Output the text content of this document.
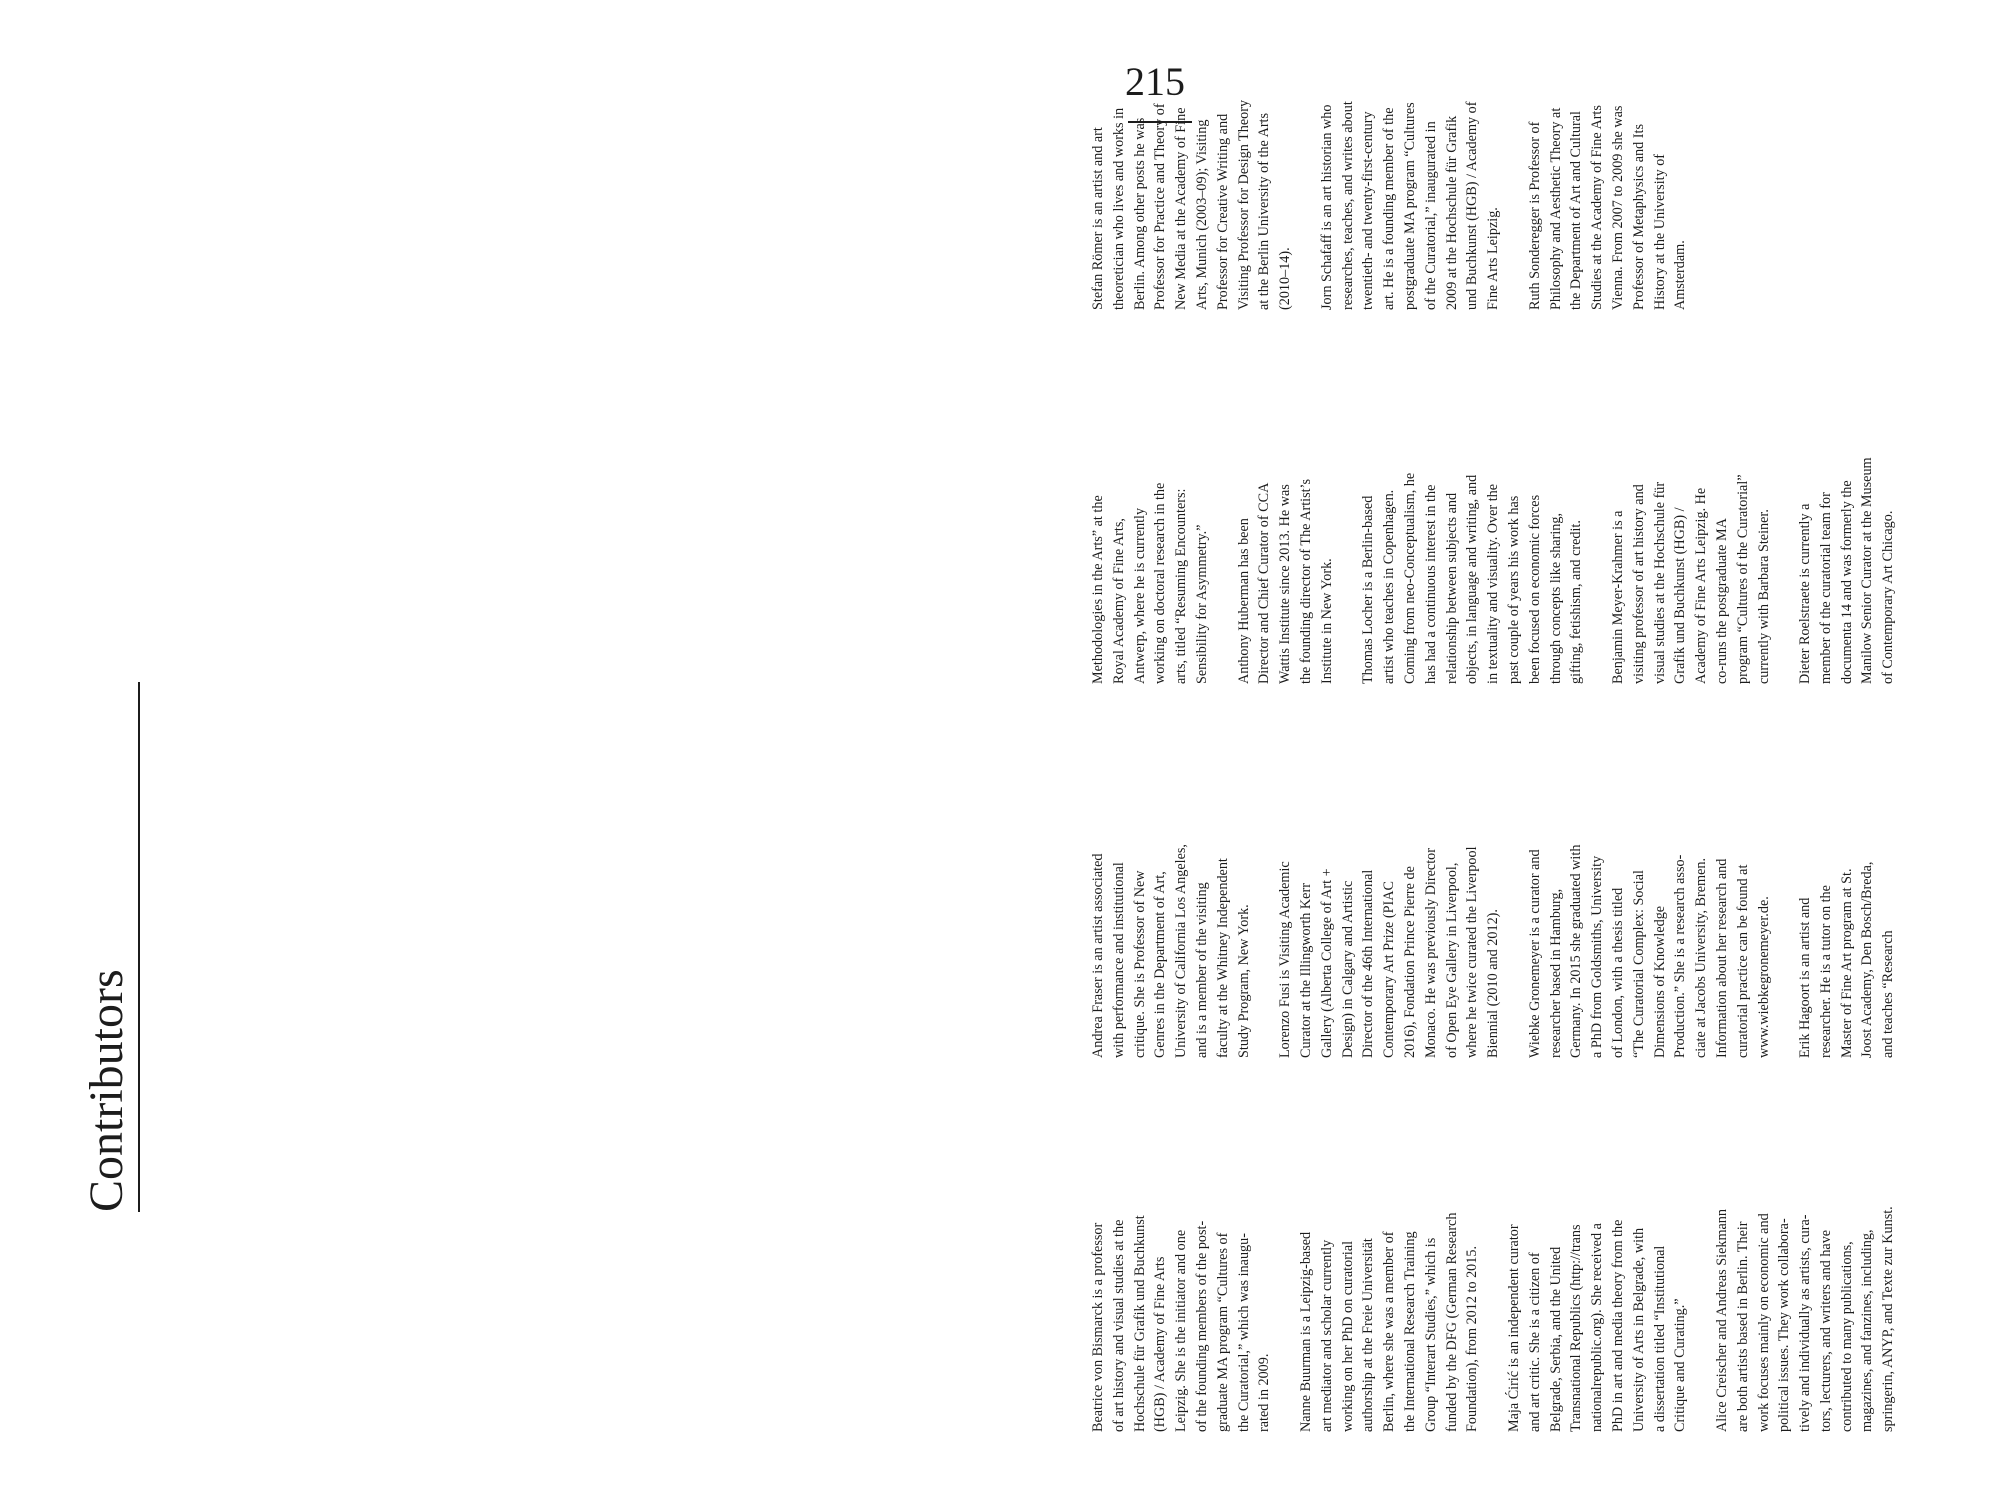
215
Contributors

Beatrice von Bismarck is a professor
of art history and visual studies at the
Hochschule für Grafik und Buchkunst
(HGB) / Academy of Fine Arts
Leipzig. She is the initiator and one
of the founding members of the post-
graduate MA program “Cultures of
the Curatorial,” which was inaugu-
rated in 2009.

Nanne Buurman is a Leipzig-based
art mediator and scholar currently
working on her PhD on curatorial
authorship at the Freie Universität
Berlin, where she was a member of
the International Research Training
Group “Interart Studies,” which is
funded by the DFG (German Research
Foundation), from 2012 to 2015.

Maja Ćirić is an independent curator
and art critic. She is a citizen of
Belgrade, Serbia, and the United
Transnational Republics (http://trans
nationalrepublic.org). She received a
PhD in art and media theory from the
University of Arts in Belgrade, with
a dissertation titled “Institutional
Critique and Curating.”

Alice Creischer and Andreas Siekmann
are both artists based in Berlin. Their
work focuses mainly on economic and
political issues. They work collabora-
tively and individually as artists, cura-
tors, lecturers, and writers and have
contributed to many publications,
magazines, and fanzines, including,
springerin, ANYP, and Texte zur Kunst.

Andrea Fraser is an artist associated
with performance and institutional
critique. She is Professor of New
Genres in the Department of Art,
University of California Los Angeles,
and is a member of the visiting
faculty at the Whitney Independent
Study Program, New York.

Lorenzo Fusi is Visiting Academic
Curator at the Illingworth Kerr
Gallery (Alberta College of Art +
Design) in Calgary and Artistic
Director of the 46th International
Contemporary Art Prize (PIAC
2016), Fondation Prince Pierre de
Monaco. He was previously Director
of Open Eye Gallery in Liverpool,
where he twice curated the Liverpool
Biennial (2010 and 2012).

Wiebke Gronemeyer is a curator and
researcher based in Hamburg,
Germany. In 2015 she graduated with
a PhD from Goldsmiths, University
of London, with a thesis titled
“The Curatorial Complex: Social
Dimensions of Knowledge
Production.” She is a research asso-
ciate at Jacobs University, Bremen.
Information about her research and
curatorial practice can be found at
www.wiebkegronemeyer.de. Erik Hagoort is an artist and
researcher. He is a tutor on the
Master of Fine Art program at St.
Joost Academy, Den Bosch/Breda,
and teaches “Research

Methodologies in the Arts” at the
Royal Academy of Fine Arts,
Antwerp, where he is currently
working on doctoral research in the
arts, titled “Resuming Encounters:
Sensibility for Asymmetry.”

Anthony Huberman has been
Director and Chief Curator of CCA
Wattis Institute since 2013. He was
the founding director of The Artist’s
Institute in New York.

Thomas Locher is a Berlin-based
artist who teaches in Copenhagen.
Coming from neo-Conceptualism, he
has had a continuous interest in the
relationship between subjects and
objects, in language and writing, and
in textuality and visuality. Over the
past couple of years his work has
been focused on economic forces
through concepts like sharing,
gifting, fetishism, and credit.

Benjamin Meyer-Krahmer is a
visiting professor of art history and
visual studies at the Hochschule für
Grafik und Buchkunst (HGB) /
Academy of Fine Arts Leipzig. He
co-runs the postgraduate MA
program “Cultures of the Curatorial”
currently with Barbara Steiner.

Dieter Roelstraete is currently a
member of the curatorial team for
documenta 14 and was formerly the
Manilow Senior Curator at the Museum
of Contemporary Art Chicago.

Stefan Römer is an artist and art
theoretician who lives and works in
Berlin. Among other posts he was
Professor for Practice and Theory of
New Media at the Academy of Fine
Arts, Munich (2003–09); Visiting
Professor for Creative Writing and
Visiting Professor for Design Theory
at the Berlin University of the Arts
(2010–14). Jorn Schafaff is an art historian who
researches, teaches, and writes about
twentieth- and twenty-first-century
art. He is a founding member of the
postgraduate MA program “Cultures
of the Curatorial,” inaugurated in
2009 at the Hochschule für Grafik
und Buchkunst (HGB) / Academy of
Fine Arts Leipzig.

Ruth Sonderegger is Professor of
Philosophy and Aesthetic Theory at
the Department of Art and Cultural
Studies at the Academy of Fine Arts
Vienna. From 2007 to 2009 she was
Professor of Metaphysics and Its
History at the University of
Amsterdam.
